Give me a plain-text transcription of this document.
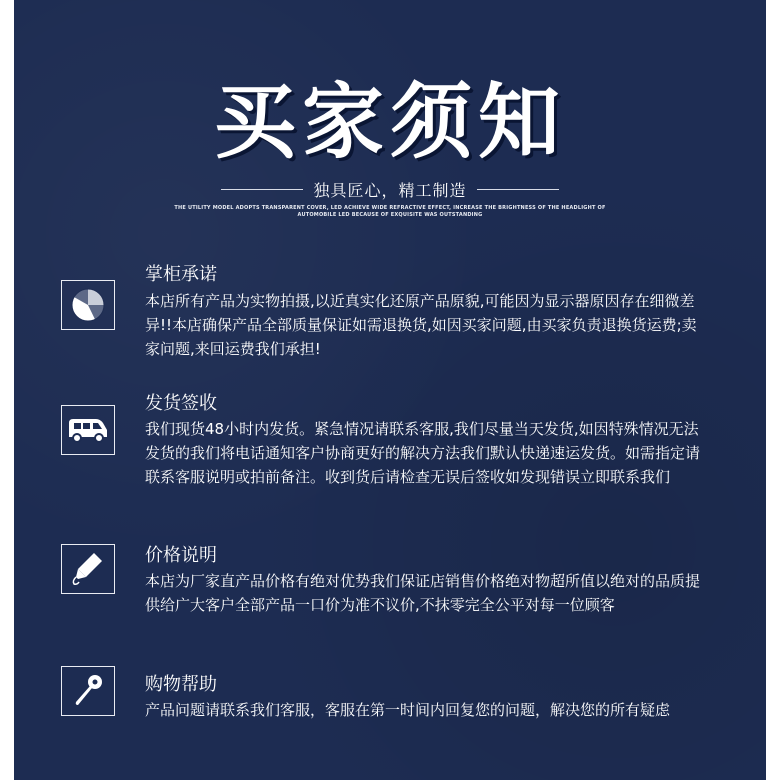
买家须知
独具匠心，精工制造
THE UTILITY MODEL ADOPTS TRANSPARENT COVER, LED ACHIEVE WIDE REFRACTIVE EFFECT, INCREASE THE BRIGHTNESS OF THE HEADLIGHT OF AUTOMOBILE LED BECAUSE OF EXQUISITE WAS OUTSTANDING
掌柜承诺

本店所有产品为实物拍摄,以近真实化还原产品原貌,可能因为显示器原因存在细微差异!!本店确保产品全部质量保证如需退换货,如因买家问题,由买家负责退换货运费;卖家问题,来回运费我们承担!

发货签收

我们现货48小时内发货。紧急情况请联系客服,我们尽量当天发货,如因特殊情况无法发货的我们将电话通知客户协商更好的解决方法我们默认快递速运发货。如需指定请联系客服说明或拍前备注。收到货后请检查无误后签收如发现错误立即联系我们

价格说明

本店为厂家直产品价格有绝对优势我们保证店销售价格绝对物超所值以绝对的品质提供给广大客户全部产品一口价为准不议价,不抹零完全公平对每一位顾客

购物帮助

产品问题请联系我们客服，客服在第一时间内回复您的问题，解决您的所有疑虑
